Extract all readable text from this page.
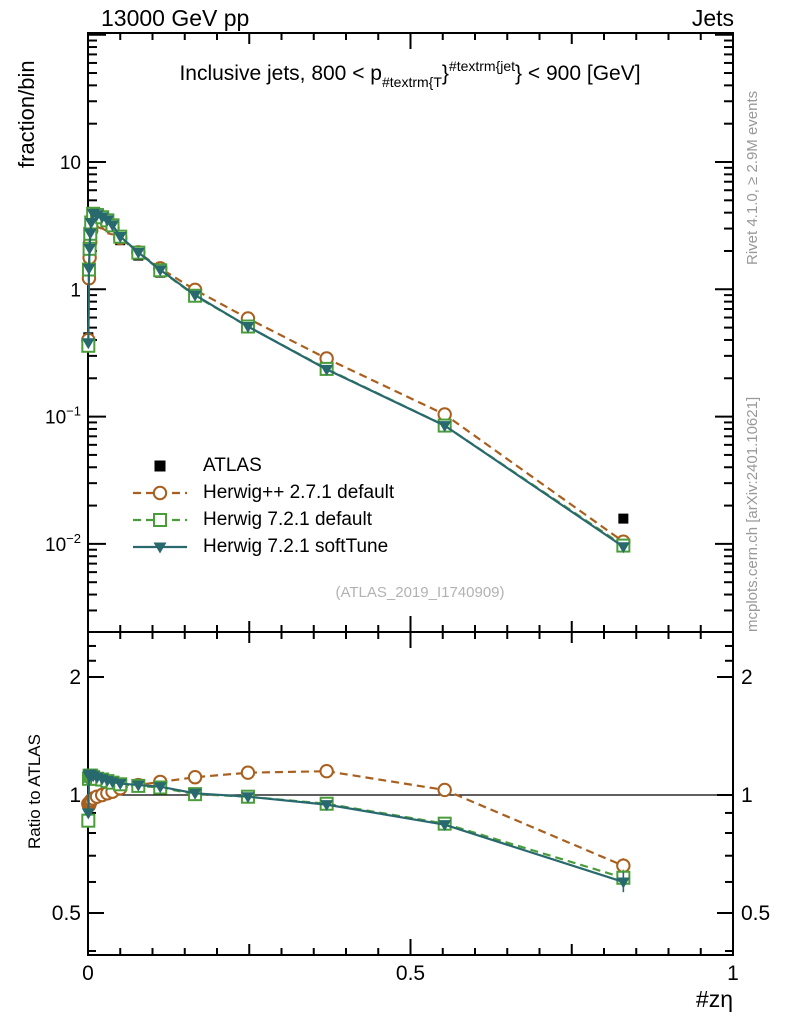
10
1
$10^{-1}$
$10^{-2}$
2	2
1	1
0.5	0.5
0	0.5	1
13000 GeV pp	Jets
Inclusive jets, $800 < p_{\#textrm\{T}\}^{\#textrm\{jet}\} < 900$ [GeV]
fraction/bin
Ratio to ATLAS
#zη
(ATLAS_2019_I1740909)
Rivet 4.1.0, ≥ 2.9M events
mcplots.cern.ch [arXiv:2401.10621]
ATLAS
Herwig++ 2.7.1 default
Herwig 7.2.1 default
Herwig 7.2.1 softTune
